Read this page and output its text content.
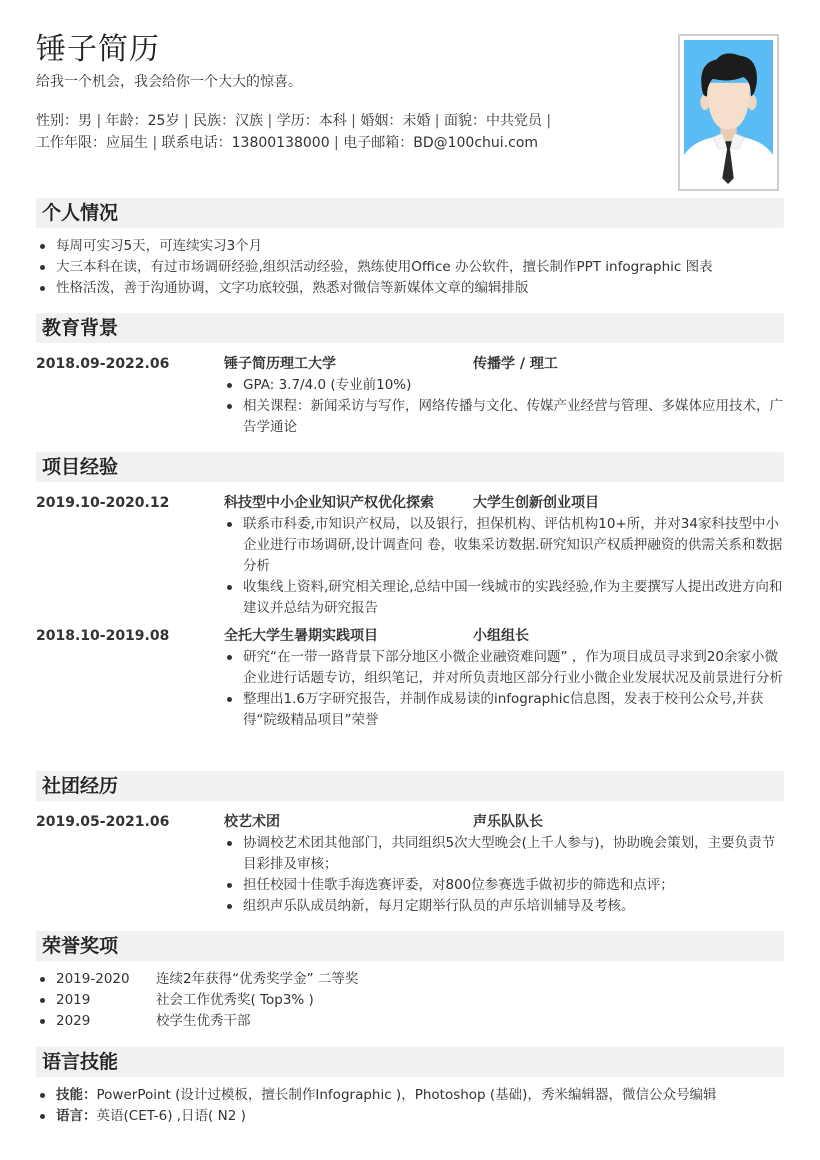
锤子简历
给我一个机会，我会给你一个大大的惊喜。
性别：男 | 年龄：25岁 | 民族：汉族 | 学历：本科 | 婚姻：未婚 | 面貌：中共党员 |
工作年限：应届生 | 联系电话：13800138000 | 电子邮箱：BD@100chui.com
个人情况
每周可实习5天，可连续实习3个月
大三本科在读，有过市场调研经验,组织活动经验，熟练使用Office 办公软件，擅长制作PPT infographic 图表
性格活泼，善于沟通协调，文字功底较强，熟悉对微信等新媒体文章的编辑排版
教育背景
2018.09-2022.06	锤子简历理工大学	传播学 / 理工
GPA: 3.7/4.0 (专业前10%)
相关课程：新闻采访与写作，网络传播与文化、传媒产业经营与管理、多媒体应用技术，广告学通论
项目经验
2019.10-2020.12	科技型中小企业知识产权优化探索	大学生创新创业项目
联系市科委,市知识产权局，以及银行，担保机构、评估机构10+所，并对34家科技型中小企业进行市场调研,设计调查问 卷，收集采访数据.研究知识产权质押融资的供需关系和数据分析
收集线上资料,研究相关理论,总结中国一线城市的实践经验,作为主要撰写人提出改进方向和建议并总结为研究报告
2018.10-2019.08	全托大学生暑期实践项目	小组组长
研究“在一带一路背景下部分地区小微企业融资难问题” ，作为项目成员寻求到20余家小微企业进行话题专访，组织笔记，并对所负责地区部分行业小微企业发展状况及前景进行分析
整理出1.6万字研究报告，并制作成易读的infographic信息图，发表于校刊公众号,并获得“院级精品项目”荣誉
社团经历
2019.05-2021.06	校艺术团	声乐队队长
协调校艺术团其他部门，共同组织5次大型晚会(上千人参与)，协助晚会策划，主要负责节目彩排及审核；
担任校园十佳歌手海选赛评委，对800位参赛选手做初步的筛选和点评；
组织声乐队成员纳新，每月定期举行队员的声乐培训辅导及考核。
荣誉奖项
2019-2020 连续2年获得“优秀奖学金” 二等奖
2019	社会工作优秀奖( Top3% )
2029	校学生优秀干部
语言技能
技能：PowerPoint (设计过模板，擅长制作Infographic )，Photoshop (基础)，秀米编辑器，微信公众号编辑
语言：英语(CET-6) ,日语( N2 )
